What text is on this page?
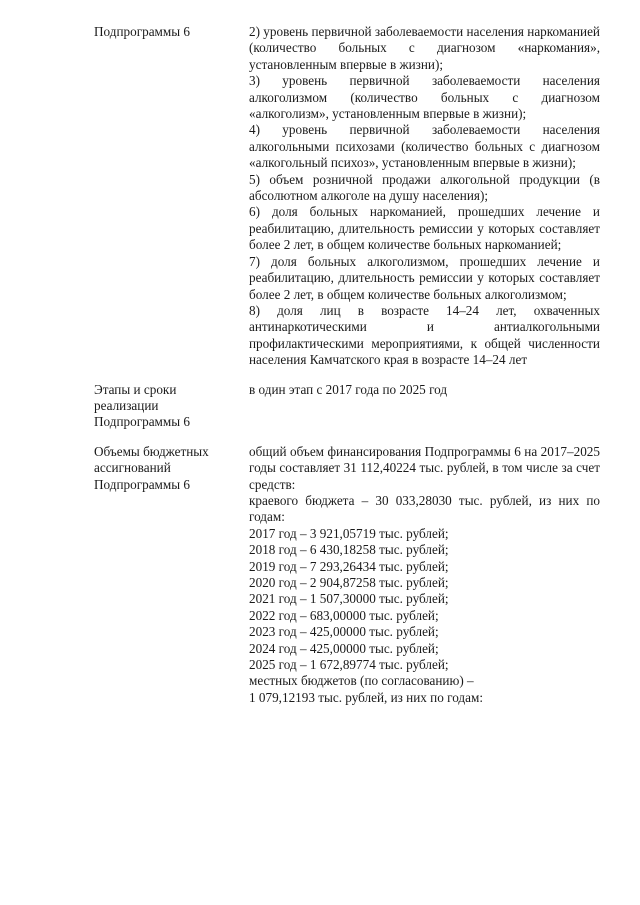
Подпрограммы 6	2) уровень первичной заболеваемости населения наркоманией (количество больных с диагнозом «наркомания», установленным впервые в жизни);

3) уровень первичной заболеваемости населения алкоголизмом (количество больных с диагнозом «алкоголизм», установленным впервые в жизни);

4) уровень первичной заболеваемости населения алкогольными психозами (количество больных с диагнозом «алкогольный психоз», установленным впервые в жизни);

5) объем розничной продажи алкогольной продукции (в абсолютном алкоголе на душу населения);

6) доля больных наркоманией, прошедших лечение и реабилитацию, длительность ремиссии у которых составляет более 2 лет, в общем количестве больных наркоманией;

7) доля больных алкоголизмом, прошедших лечение и реабилитацию, длительность ремиссии у которых составляет более 2 лет, в общем количестве больных алкоголизмом;

8) доля лиц в возрасте 14–24 лет, охваченных антинаркотическими и антиалкогольными профилактическими мероприятиями, к общей численности населения Камчатского края в возрасте 14–24 лет

Этапы и сроки реализации Подпрограммы 6

в один этап с 2017 года по 2025 год

Объемы бюджетных ассигнований Подпрограммы 6

общий объем финансирования Подпрограммы 6 на 2017–2025 годы составляет 31 112,40224 тыс. рублей, в том числе за счет средств:

краевого бюджета – 30 033,28030 тыс. рублей, из них по годам:

2017 год – 3 921,05719 тыс. рублей;

2018 год – 6 430,18258 тыс. рублей;

2019 год – 7 293,26434 тыс. рублей;

2020 год – 2 904,87258 тыс. рублей;

2021 год – 1 507,30000 тыс. рублей;

2022 год – 683,00000 тыс. рублей;

2023 год – 425,00000 тыс. рублей;

2024 год – 425,00000 тыс. рублей;

2025 год – 1 672,89774 тыс. рублей;

местных бюджетов (по согласованию) –

1 079,12193 тыс. рублей, из них по годам:
